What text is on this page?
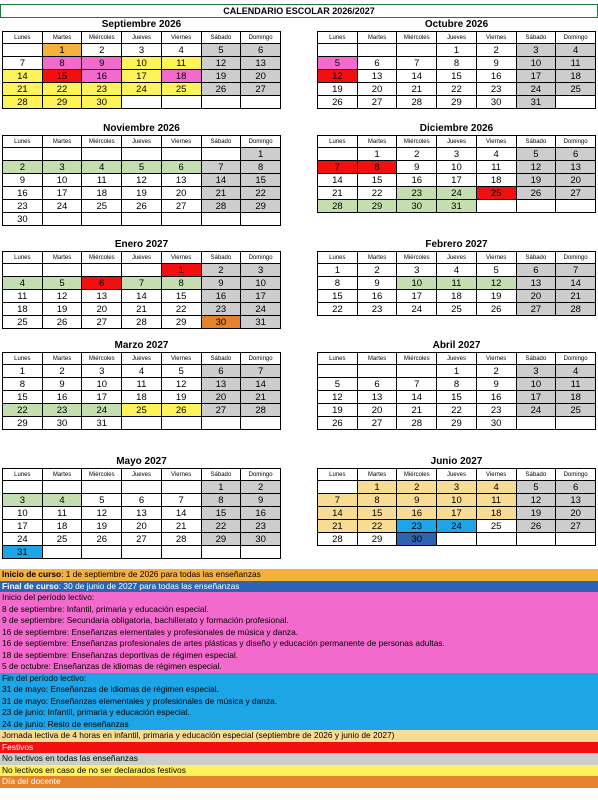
CALENDARIO ESCOLAR 2026/2027
Septiembre 2026
Lunes	Martes	Miércoles	Jueves	Viernes	Sábado	Domingo
	1	2	3	4	5	6
7	8	9	10	11	12	13
14	15	16	17	18	19	20
21	22	23	24	25	26	27
28	29	30				
Octubre 2026
Lunes	Martes	Miércoles	Jueves	Viernes	Sábado	Domingo
			1	2	3	4
5	6	7	8	9	10	11
12	13	14	15	16	17	18
19	20	21	22	23	24	25
26	27	28	29	30	31	
Noviembre 2026
Lunes	Martes	Miércoles	Jueves	Viernes	Sábado	Domingo
						1
2	3	4	5	6	7	8
9	10	11	12	13	14	15
16	17	18	19	20	21	22
23	24	25	26	27	28	29
30						
Diciembre 2026
Lunes	Martes	Miércoles	Jueves	Viernes	Sábado	Domingo
	1	2	3	4	5	6
7	8	9	10	11	12	13
14	15	16	17	18	19	20
21	22	23	24	25	26	27
28	29	30	31			
Enero 2027
Lunes	Martes	Miércoles	Jueves	Viernes	Sábado	Domingo
				1	2	3
4	5	6	7	8	9	10
11	12	13	14	15	16	17
18	19	20	21	22	23	24
25	26	27	28	29	30	31
Febrero 2027
Lunes	Martes	Miércoles	Jueves	Viernes	Sábado	Domingo
1	2	3	4	5	6	7
8	9	10	11	12	13	14
15	16	17	18	19	20	21
22	23	24	25	26	27	28
Marzo 2027
Lunes	Martes	Miércoles	Jueves	Viernes	Sábado	Domingo
1	2	3	4	5	6	7
8	9	10	11	12	13	14
15	16	17	18	19	20	21
22	23	24	25	26	27	28
29	30	31				
Abril 2027
Lunes	Martes	Miércoles	Jueves	Viernes	Sábado	Domingo
			1	2	3	4
5	6	7	8	9	10	11
12	13	14	15	16	17	18
19	20	21	22	23	24	25
26	27	28	29	30		
Mayo 2027
Lunes	Martes	Miércoles	Jueves	Viernes	Sábado	Domingo
					1	2
3	4	5	6	7	8	9
10	11	12	13	14	15	16
17	18	19	20	21	22	23
24	25	26	27	28	29	30
31						
Junio 2027
Lunes	Martes	Miércoles	Jueves	Viernes	Sábado	Domingo
	1	2	3	4	5	6
7	8	9	10	11	12	13
14	15	16	17	18	19	20
21	22	23	24	25	26	27
28	29	30				
Inicio de curso: 1 de septiembre de 2026 para todas las enseñanzas
Final de curso: 30 de junio de 2027 para todas las enseñanzas
Inicio del período lectivo:
8 de septiembre: Infantil, primaria y educación especial.
9 de septiembre: Secundaria obligatoria, bachillerato y formación profesional.
16 de septiembre: Enseñanzas elementales y profesionales de música y danza.
16 de septiembre: Enseñanzas profesionales de artes plásticas y diseño y educación permanente de personas adultas.
18 de septiembre: Enseñanzas deportivas de régimen especial.
5 de octubre: Enseñanzas de idiomas de régimen especial.
Fin del período lectivo:
31 de mayo: Enseñanzas de idiomas de régimen especial.
31 de mayo: Enseñanzas elementales y profesionales de música y danza.
23 de junio: Infantil, primaria y educación especial.
24 de junio: Resto de enseñanzas
Jornada lectiva de 4 horas en infantil, primaria y educación especial (septiembre de 2026 y junio de 2027)
Festivos
No lectivos en todas las enseñanzas
No lectivos en caso de no ser declarados festivos
Día del docente
